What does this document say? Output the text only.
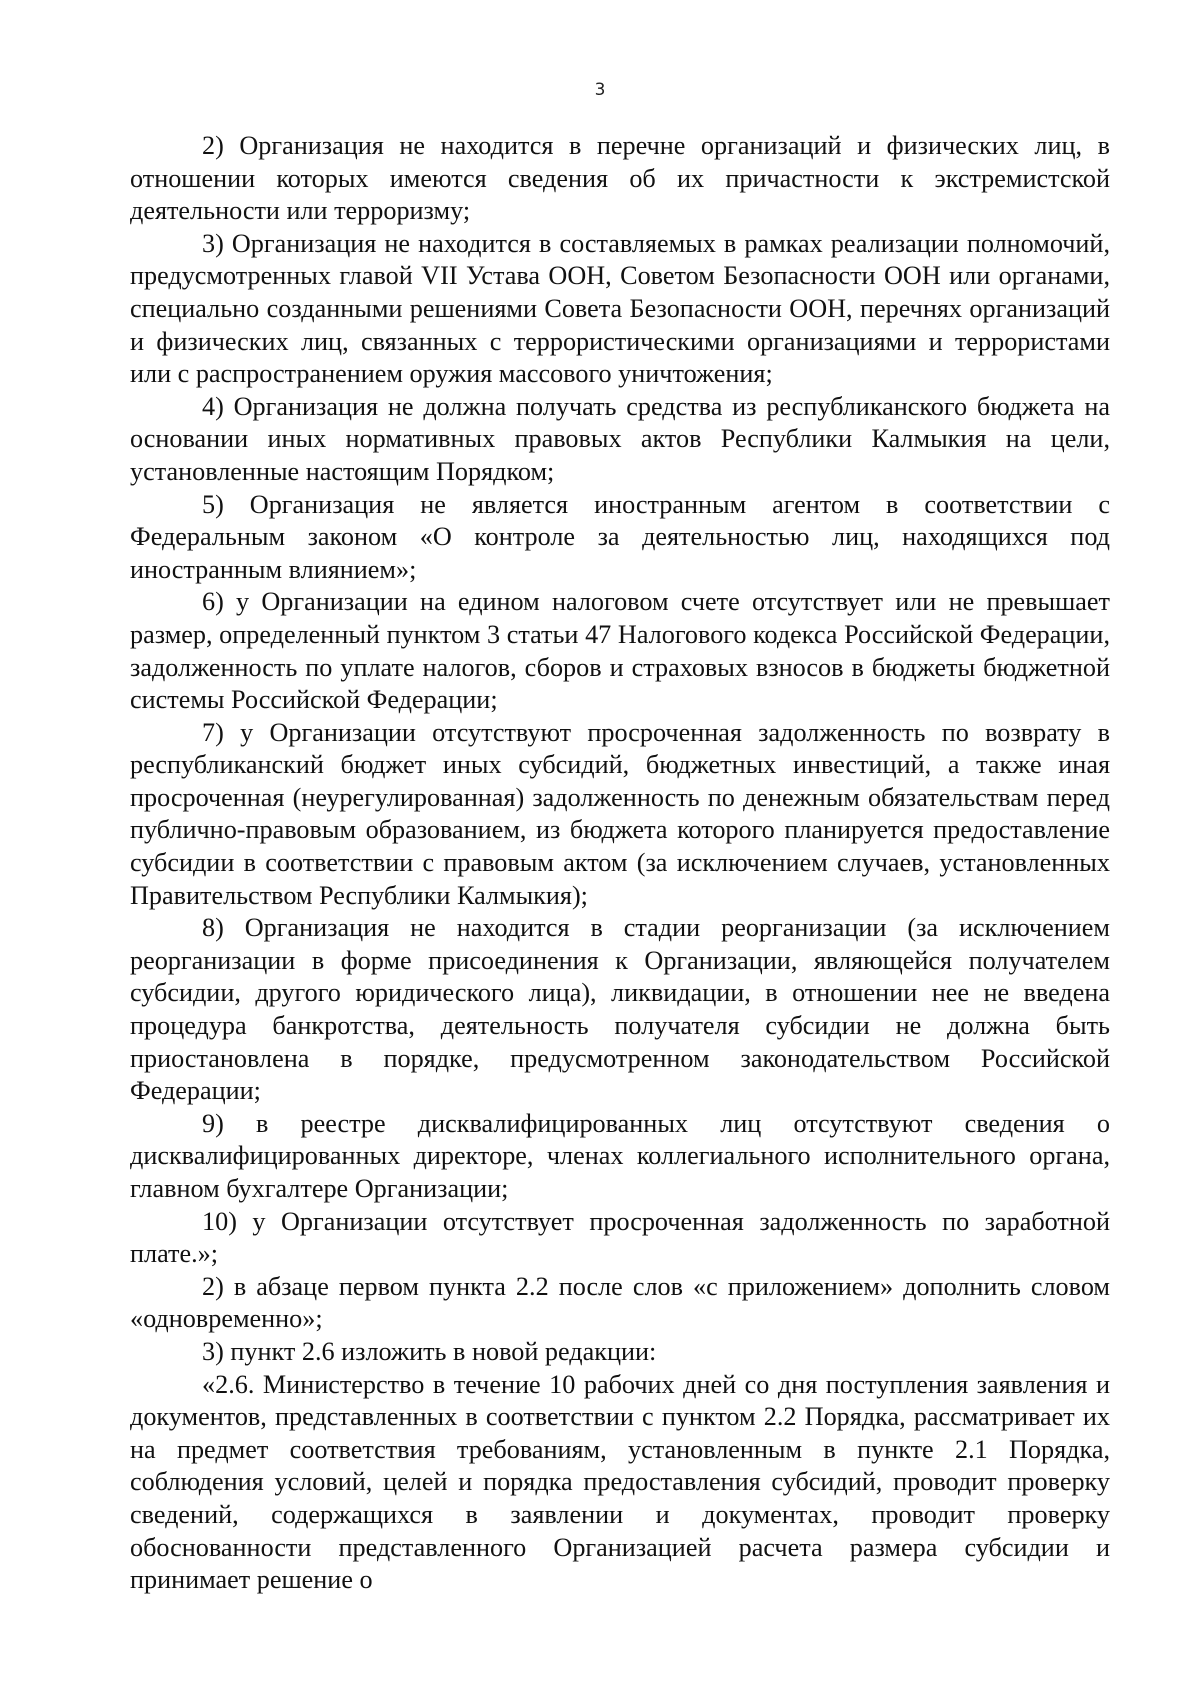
3

2) Организация не находится в перечне организаций и физических лиц, в отношении которых имеются сведения об их причастности к экстремистской деятельности или терроризму;

3) Организация не находится в составляемых в рамках реализации полномочий, предусмотренных главой VII Устава ООН, Советом Безопасности ООН или органами, специально созданными решениями Совета Безопасности ООН, перечнях организаций и физических лиц, связанных с террористическими организациями и террористами или с распространением оружия массового уничтожения;

4) Организация не должна получать средства из республиканского бюджета на основании иных нормативных правовых актов Республики Калмыкия на цели, установленные настоящим Порядком;

5) Организация не является иностранным агентом в соответствии с Федеральным законом «О контроле за деятельностью лиц, находящихся под иностранным влиянием»;

6) у Организации на едином налоговом счете отсутствует или не превышает размер, определенный пунктом 3 статьи 47 Налогового кодекса Российской Федерации, задолженность по уплате налогов, сборов и страховых взносов в бюджеты бюджетной системы Российской Федерации;

7) у Организации отсутствуют просроченная задолженность по возврату в республиканский бюджет иных субсидий, бюджетных инвестиций, а также иная просроченная (неурегулированная) задолженность по денежным обязательствам перед публично-правовым образованием, из бюджета которого планируется предоставление субсидии в соответствии с правовым актом (за исключением случаев, установленных Правительством Республики Калмыкия);

8) Организация не находится в стадии реорганизации (за исключением реорганизации в форме присоединения к Организации, являющейся получателем субсидии, другого юридического лица), ликвидации, в отношении нее не введена процедура банкротства, деятельность получателя субсидии не должна быть приостановлена в порядке, предусмотренном законодательством Российской Федерации;

9) в реестре дисквалифицированных лиц отсутствуют сведения о дисквалифицированных директоре, членах коллегиального исполнительного органа, главном бухгалтере Организации;

10) у Организации отсутствует просроченная задолженность по заработной плате.»;

2) в абзаце первом пункта 2.2 после слов «с приложением» дополнить словом «одновременно»;

3) пункт 2.6 изложить в новой редакции:

«2.6. Министерство в течение 10 рабочих дней со дня поступления заявления и документов, представленных в соответствии с пунктом 2.2 Порядка, рассматривает их на предмет соответствия требованиям, установленным в пункте 2.1 Порядка, соблюдения условий, целей и порядка предоставления субсидий, проводит проверку сведений, содержащихся в заявлении и документах, проводит проверку обоснованности представленного Организацией расчета размера субсидии и принимает решение о
